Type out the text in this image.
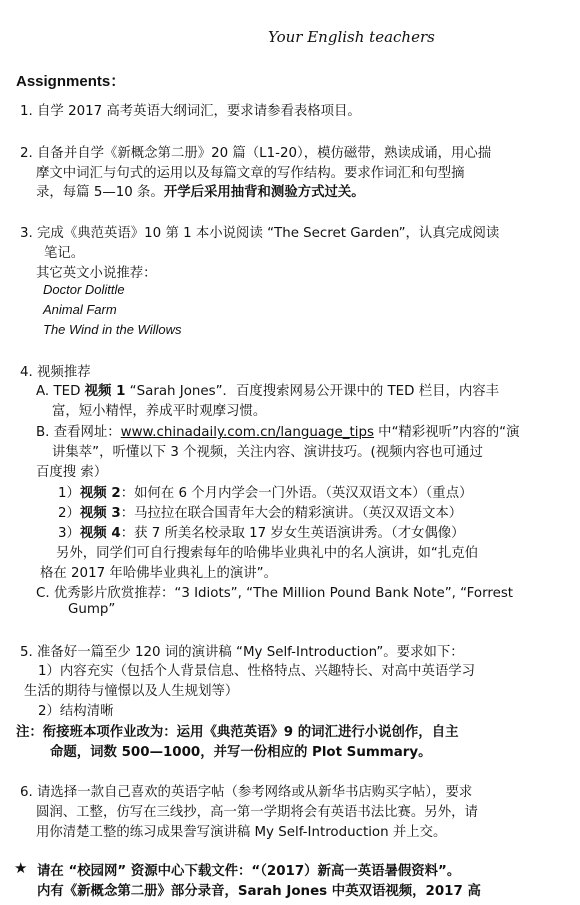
Your English teachers
Assignments：
1. 自学 2017 高考英语大纲词汇，要求请参看表格项目。
2. 自备并自学《新概念第二册》20 篇（L1-20），模仿磁带，熟读成诵，用心揣
摩文中词汇与句式的运用以及每篇文章的写作结构。要求作词汇和句型摘
录，每篇 5—10 条。开学后采用抽背和测验方式过关。
3. 完成《典范英语》10 第 1 本小说阅读 “The Secret Garden”，认真完成阅读
笔记。
其它英文小说推荐：
Doctor Dolittle
Animal Farm
The Wind in the Willows
4. 视频推荐
A. TED 视频 1 “Sarah Jones”．百度搜索网易公开课中的 TED 栏目，内容丰
富，短小精悍，养成平时观摩习惯。
B. 查看网址：www.chinadaily.com.cn/language_tips 中“精彩视听”内容的“演
讲集萃”，听懂以下 3 个视频，关注内容、演讲技巧。(视频内容也可通过
百度搜 索）
1）视频 2：如何在 6 个月内学会一门外语。（英汉双语文本）（重点）
2）视频 3：马拉拉在联合国青年大会的精彩演讲。（英汉双语文本）
3）视频 4：获 7 所美名校录取 17 岁女生英语演讲秀。（才女偶像）
另外，同学们可自行搜索每年的哈佛毕业典礼中的名人演讲，如“扎克伯
格在 2017 年哈佛毕业典礼上的演讲”。
C. 优秀影片欣赏推荐：“3 Idiots”, “The Million Pound Bank Note”, “Forrest
Gump”
5. 准备好一篇至少 120 词的演讲稿 “My Self-Introduction”。要求如下：
1）内容充实（包括个人背景信息、性格特点、兴趣特长、对高中英语学习
生活的期待与憧憬以及人生规划等）
2）结构清晰
注：衔接班本项作业改为：运用《典范英语》9 的词汇进行小说创作，自主
命题，词数 500—1000，并写一份相应的 Plot Summary。
6. 请选择一款自己喜欢的英语字帖（参考网络或从新华书店购买字帖），要求
圆润、工整，仿写在三线抄，高一第一学期将会有英语书法比赛。另外，请
用你清楚工整的练习成果誊写演讲稿 My Self-Introduction 并上交。
★ 请在 “校园网” 资源中心下载文件：“（2017）新高一英语暑假资料”。
内有《新概念第二册》部分录音，Sarah Jones 中英双语视频，2017 高
